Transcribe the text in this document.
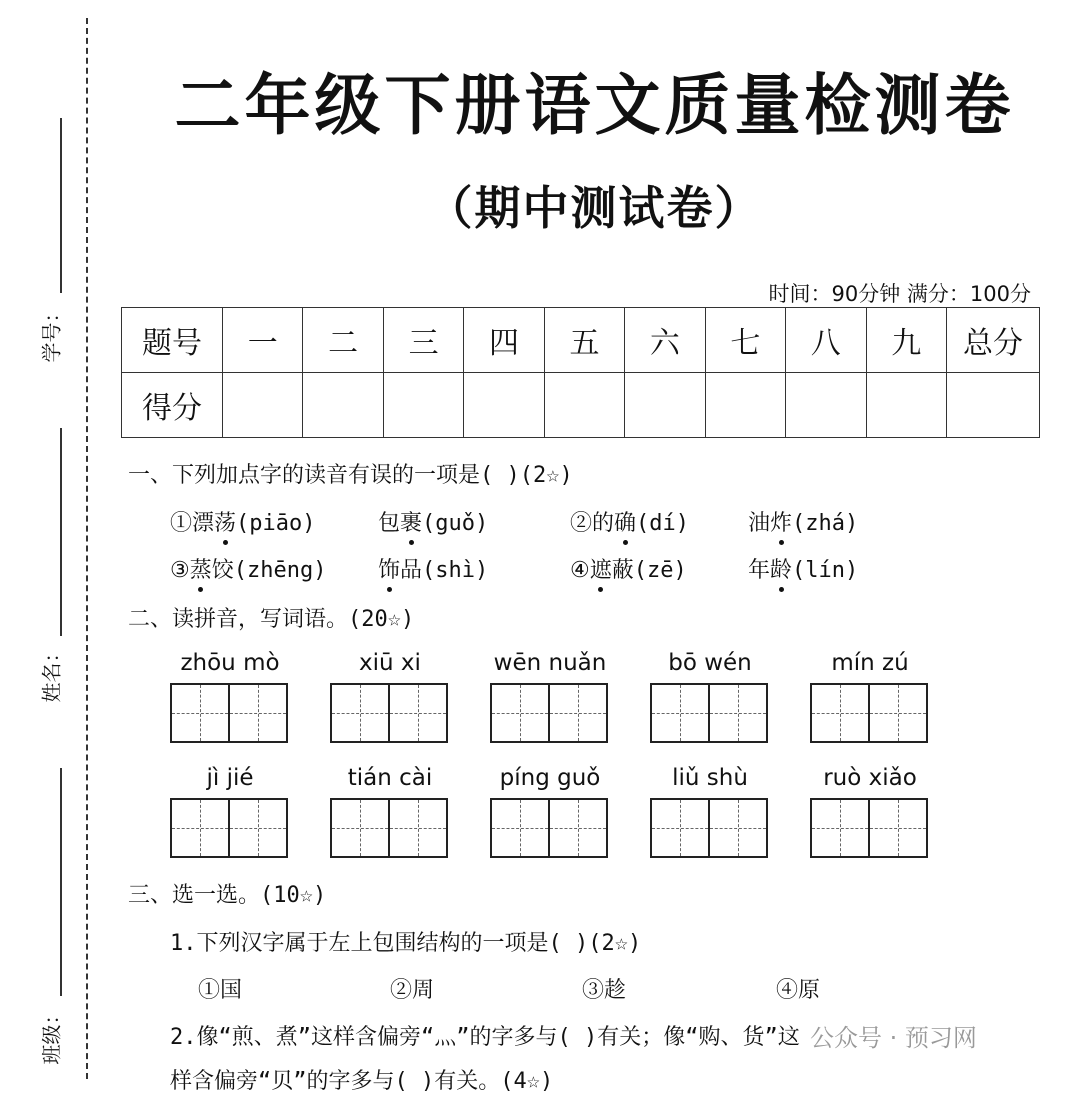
学号：
姓名：
班级：
二年级下册语文质量检测卷
（期中测试卷）
时间：90分钟 满分：100分
题号	一	二	三	四	五	六	七	八	九	总分
得分										
一、下列加点字的读音有误的一项是( )(2☆)
①漂荡(piāo)	包裹(guǒ)	②的确(dí)	油炸(zhá)
③蒸饺(zhēng) 饰品(shì)	④遮蔽(zē)	年龄(lín)
二、读拼音，写词语。(20☆)
zhōu mò	xiū xi	wēn nuǎn	bō wén	mín zú
jì jié	tián cài	píng guǒ	liǔ shù	ruò xiǎo
三、选一选。(10☆)
1.下列汉字属于左上包围结构的一项是( )(2☆)
①国	②周	③趁	④原
2.像“煎、煮”这样含偏旁“灬”的字多与( )有关；像“购、货”这
样含偏旁“贝”的字多与( )有关。(4☆)
公众号 · 预习网
